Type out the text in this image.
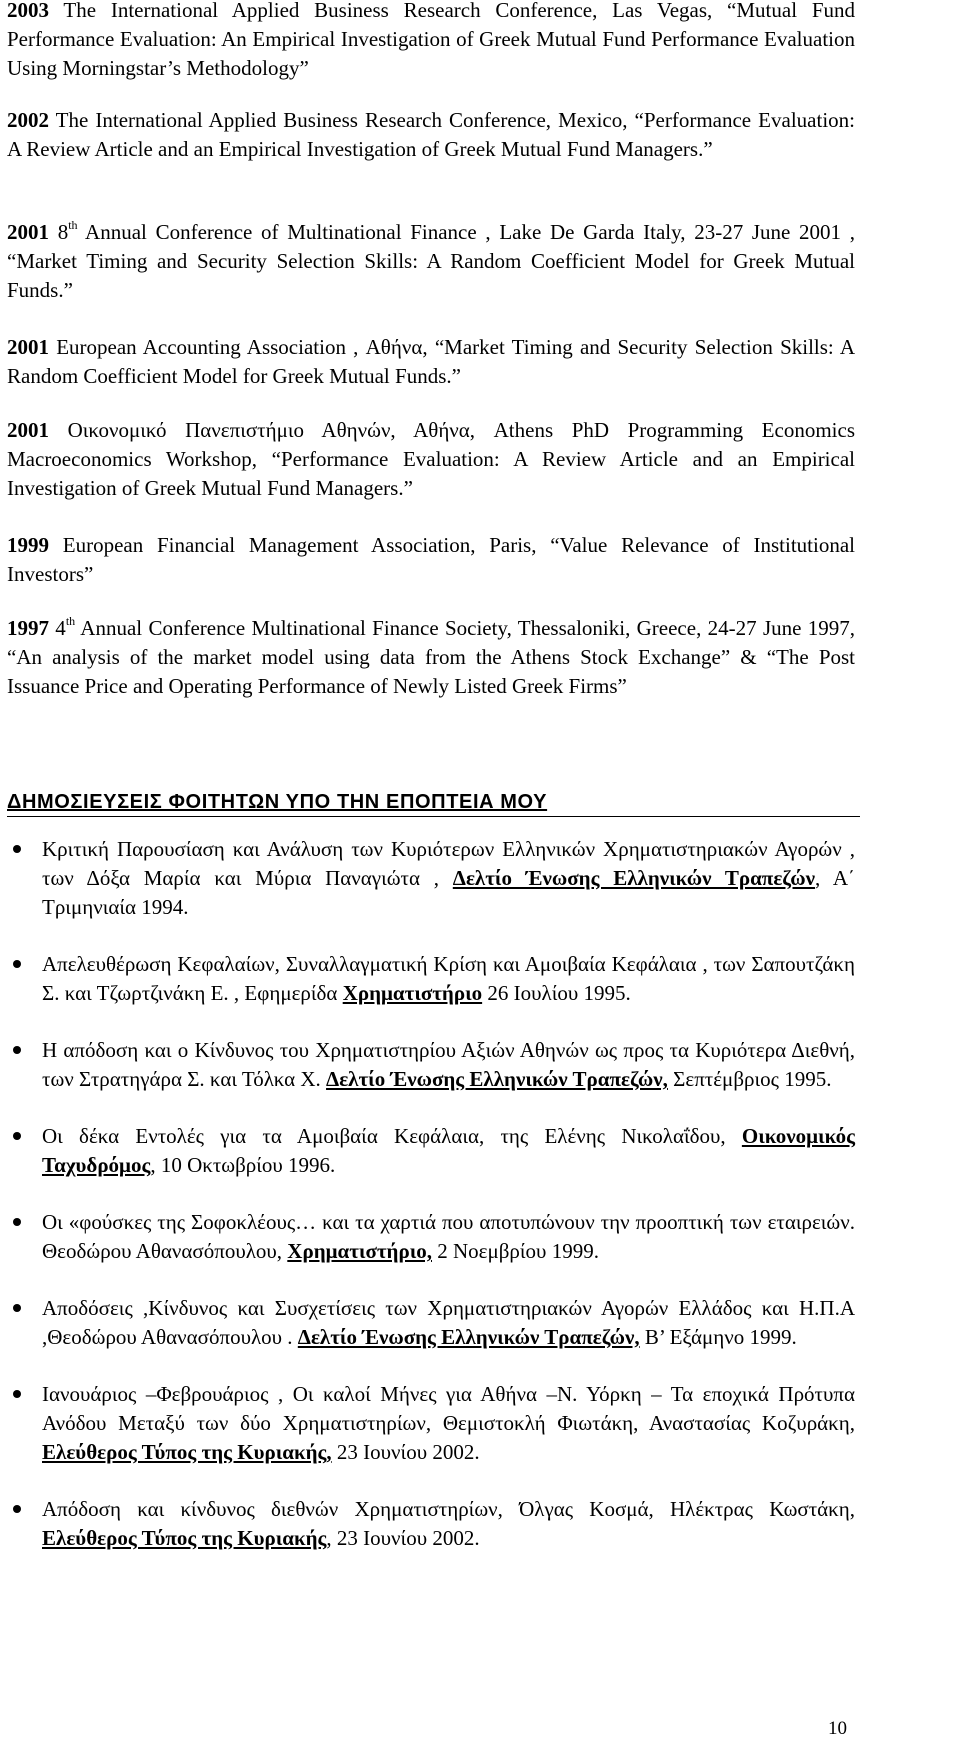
2003 The International Applied Business Research Conference, Las Vegas, “Mutual Fund Performance Evaluation: An Empirical Investigation of Greek Mutual Fund Performance Evaluation Using Morningstar’s Methodology”

2002 The International Applied Business Research Conference, Mexico, “Performance Evaluation: A Review Article and an Empirical Investigation of Greek Mutual Fund Managers.”

2001 8th Annual Conference of Multinational Finance , Lake De Garda Italy, 23-27 June 2001 , “Market Timing and Security Selection Skills: A Random Coefficient Model for Greek Mutual Funds.”

2001 European Accounting Association , Αθήνα, “Market Timing and Security Selection Skills: A Random Coefficient Model for Greek Mutual Funds.”

2001 Οικονομικό Πανεπιστήμιο Αθηνών, Αθήνα, Athens PhD Programming Economics Macroeconomics Workshop, “Performance Evaluation: A Review Article and an Empirical Investigation of Greek Mutual Fund Managers.”

1999 European Financial Management Association, Paris, “Value Relevance of Institutional Investors”

1997 4th Annual Conference Multinational Finance Society, Thessaloniki, Greece, 24-27 June 1997, “An analysis of the market model using data from the Athens Stock Exchange” & “The Post Issuance Price and Operating Performance of Newly Listed Greek Firms”

ΔΗΜΟΣΙΕΥΣΕΙΣ ΦΟΙΤΗΤΩΝ ΥΠΟ ΤΗΝ ΕΠΟΠΤΕΙΑ ΜΟΥ
Κριτική Παρουσίαση και Ανάλυση των Κυριότερων Ελληνικών Χρηματιστηριακών Αγορών , των Δόξα Μαρία και Μύρια Παναγιώτα , Δελτίο Ένωσης Ελληνικών Τραπεζών, Α΄ Τριμηνιαία 1994.
Απελευθέρωση Κεφαλαίων, Συναλλαγματική Κρίση και Αμοιβαία Κεφάλαια , των Σαπουτζάκη Σ. και Τζωρτζινάκη Ε. , Εφημερίδα Χρηματιστήριο 26 Ιουλίου 1995.
Η απόδοση και ο Κίνδυνος του Χρηματιστηρίου Αξιών Αθηνών ως προς τα Κυριότερα Διεθνή, των Στρατηγάρα Σ. και Τόλκα Χ. Δελτίο Ένωσης Ελληνικών Τραπεζών, Σεπτέμβριος 1995.
Οι δέκα Εντολές για τα Αμοιβαία Κεφάλαια, της Ελένης Νικολαΐδου, Οικονομικός Ταχυδρόμος, 10 Οκτωβρίου 1996.
Οι «φούσκες της Σοφοκλέους… και τα χαρτιά που αποτυπώνουν την προοπτική των εταιρειών. Θεοδώρου Αθανασόπουλου, Χρηματιστήριο, 2 Νοεμβρίου 1999.
Αποδόσεις ,Κίνδυνος και Συσχετίσεις των Χρηματιστηριακών Αγορών Ελλάδος και Η.Π.Α ,Θεοδώρου Αθανασόπουλου . Δελτίο Ένωσης Ελληνικών Τραπεζών, Β’ Εξάμηνο 1999.
Ιανουάριος –Φεβρουάριος , Οι καλοί Μήνες για Αθήνα –Ν. Υόρκη – Τα εποχικά Πρότυπα Ανόδου Μεταξύ των δύο Χρηματιστηρίων, Θεμιστοκλή Φιωτάκη, Αναστασίας Κοζυράκη, Ελεύθερος Τύπος της Κυριακής, 23 Ιουνίου 2002.
Απόδοση και κίνδυνος διεθνών Χρηματιστηρίων, Όλγας Κοσμά, Ηλέκτρας Κωστάκη, Ελεύθερος Τύπος της Κυριακής, 23 Ιουνίου 2002.
10
